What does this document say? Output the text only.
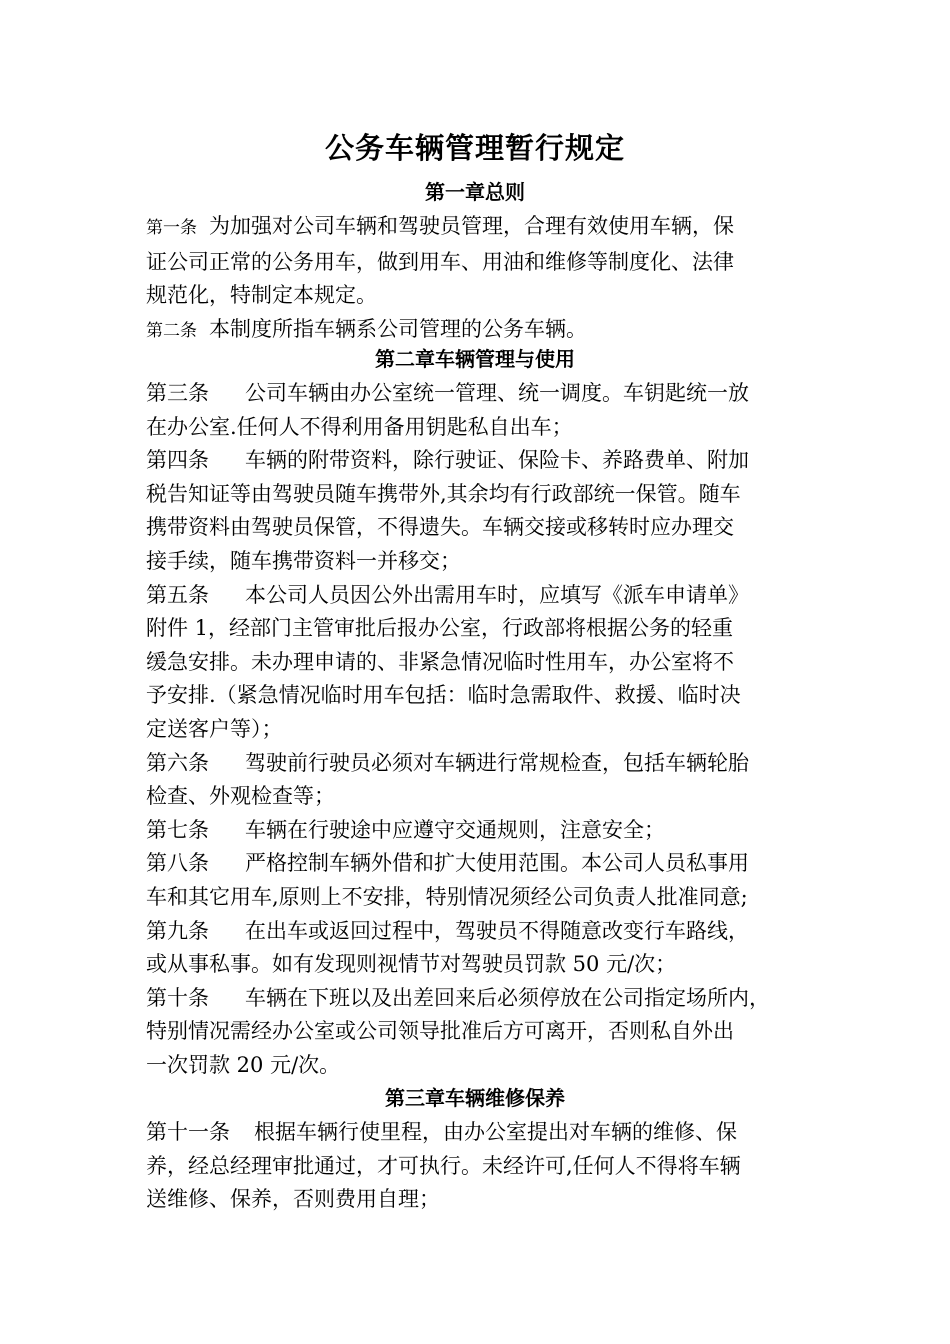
公务车辆管理暂行规定
第一章总则
第一条 为加强对公司车辆和驾驶员管理，合理有效使用车辆，保
证公司正常的公务用车，做到用车、用油和维修等制度化、法律
规范化，特制定本规定。
第二条 本制度所指车辆系公司管理的公务车辆。
第二章车辆管理与使用
第三条 公司车辆由办公室统一管理、统一调度。车钥匙统一放
在办公室.任何人不得利用备用钥匙私自出车；
第四条 车辆的附带资料，除行驶证、保险卡、养路费单、附加
税告知证等由驾驶员随车携带外,其余均有行政部统一保管。随车
携带资料由驾驶员保管，不得遗失。车辆交接或移转时应办理交
接手续，随车携带资料一并移交；
第五条 本公司人员因公外出需用车时，应填写《派车申请单》
附件 1，经部门主管审批后报办公室，行政部将根据公务的轻重
缓急安排。未办理申请的、非紧急情况临时性用车，办公室将不
予安排.（紧急情况临时用车包括：临时急需取件、救援、临时决
定送客户等）；
第六条 驾驶前行驶员必须对车辆进行常规检查，包括车辆轮胎
检查、外观检查等；
第七条 车辆在行驶途中应遵守交通规则，注意安全；
第八条 严格控制车辆外借和扩大使用范围。本公司人员私事用
车和其它用车,原则上不安排，特别情况须经公司负责人批准同意;
第九条 在出车或返回过程中，驾驶员不得随意改变行车路线，
或从事私事。如有发现则视情节对驾驶员罚款 50 元/次；
第十条 车辆在下班以及出差回来后必须停放在公司指定场所内，
特别情况需经办公室或公司领导批准后方可离开，否则私自外出
一次罚款 20 元/次。
第三章车辆维修保养
第十一条 根据车辆行使里程，由办公室提出对车辆的维修、保
养，经总经理审批通过，才可执行。未经许可,任何人不得将车辆
送维修、保养，否则费用自理；
